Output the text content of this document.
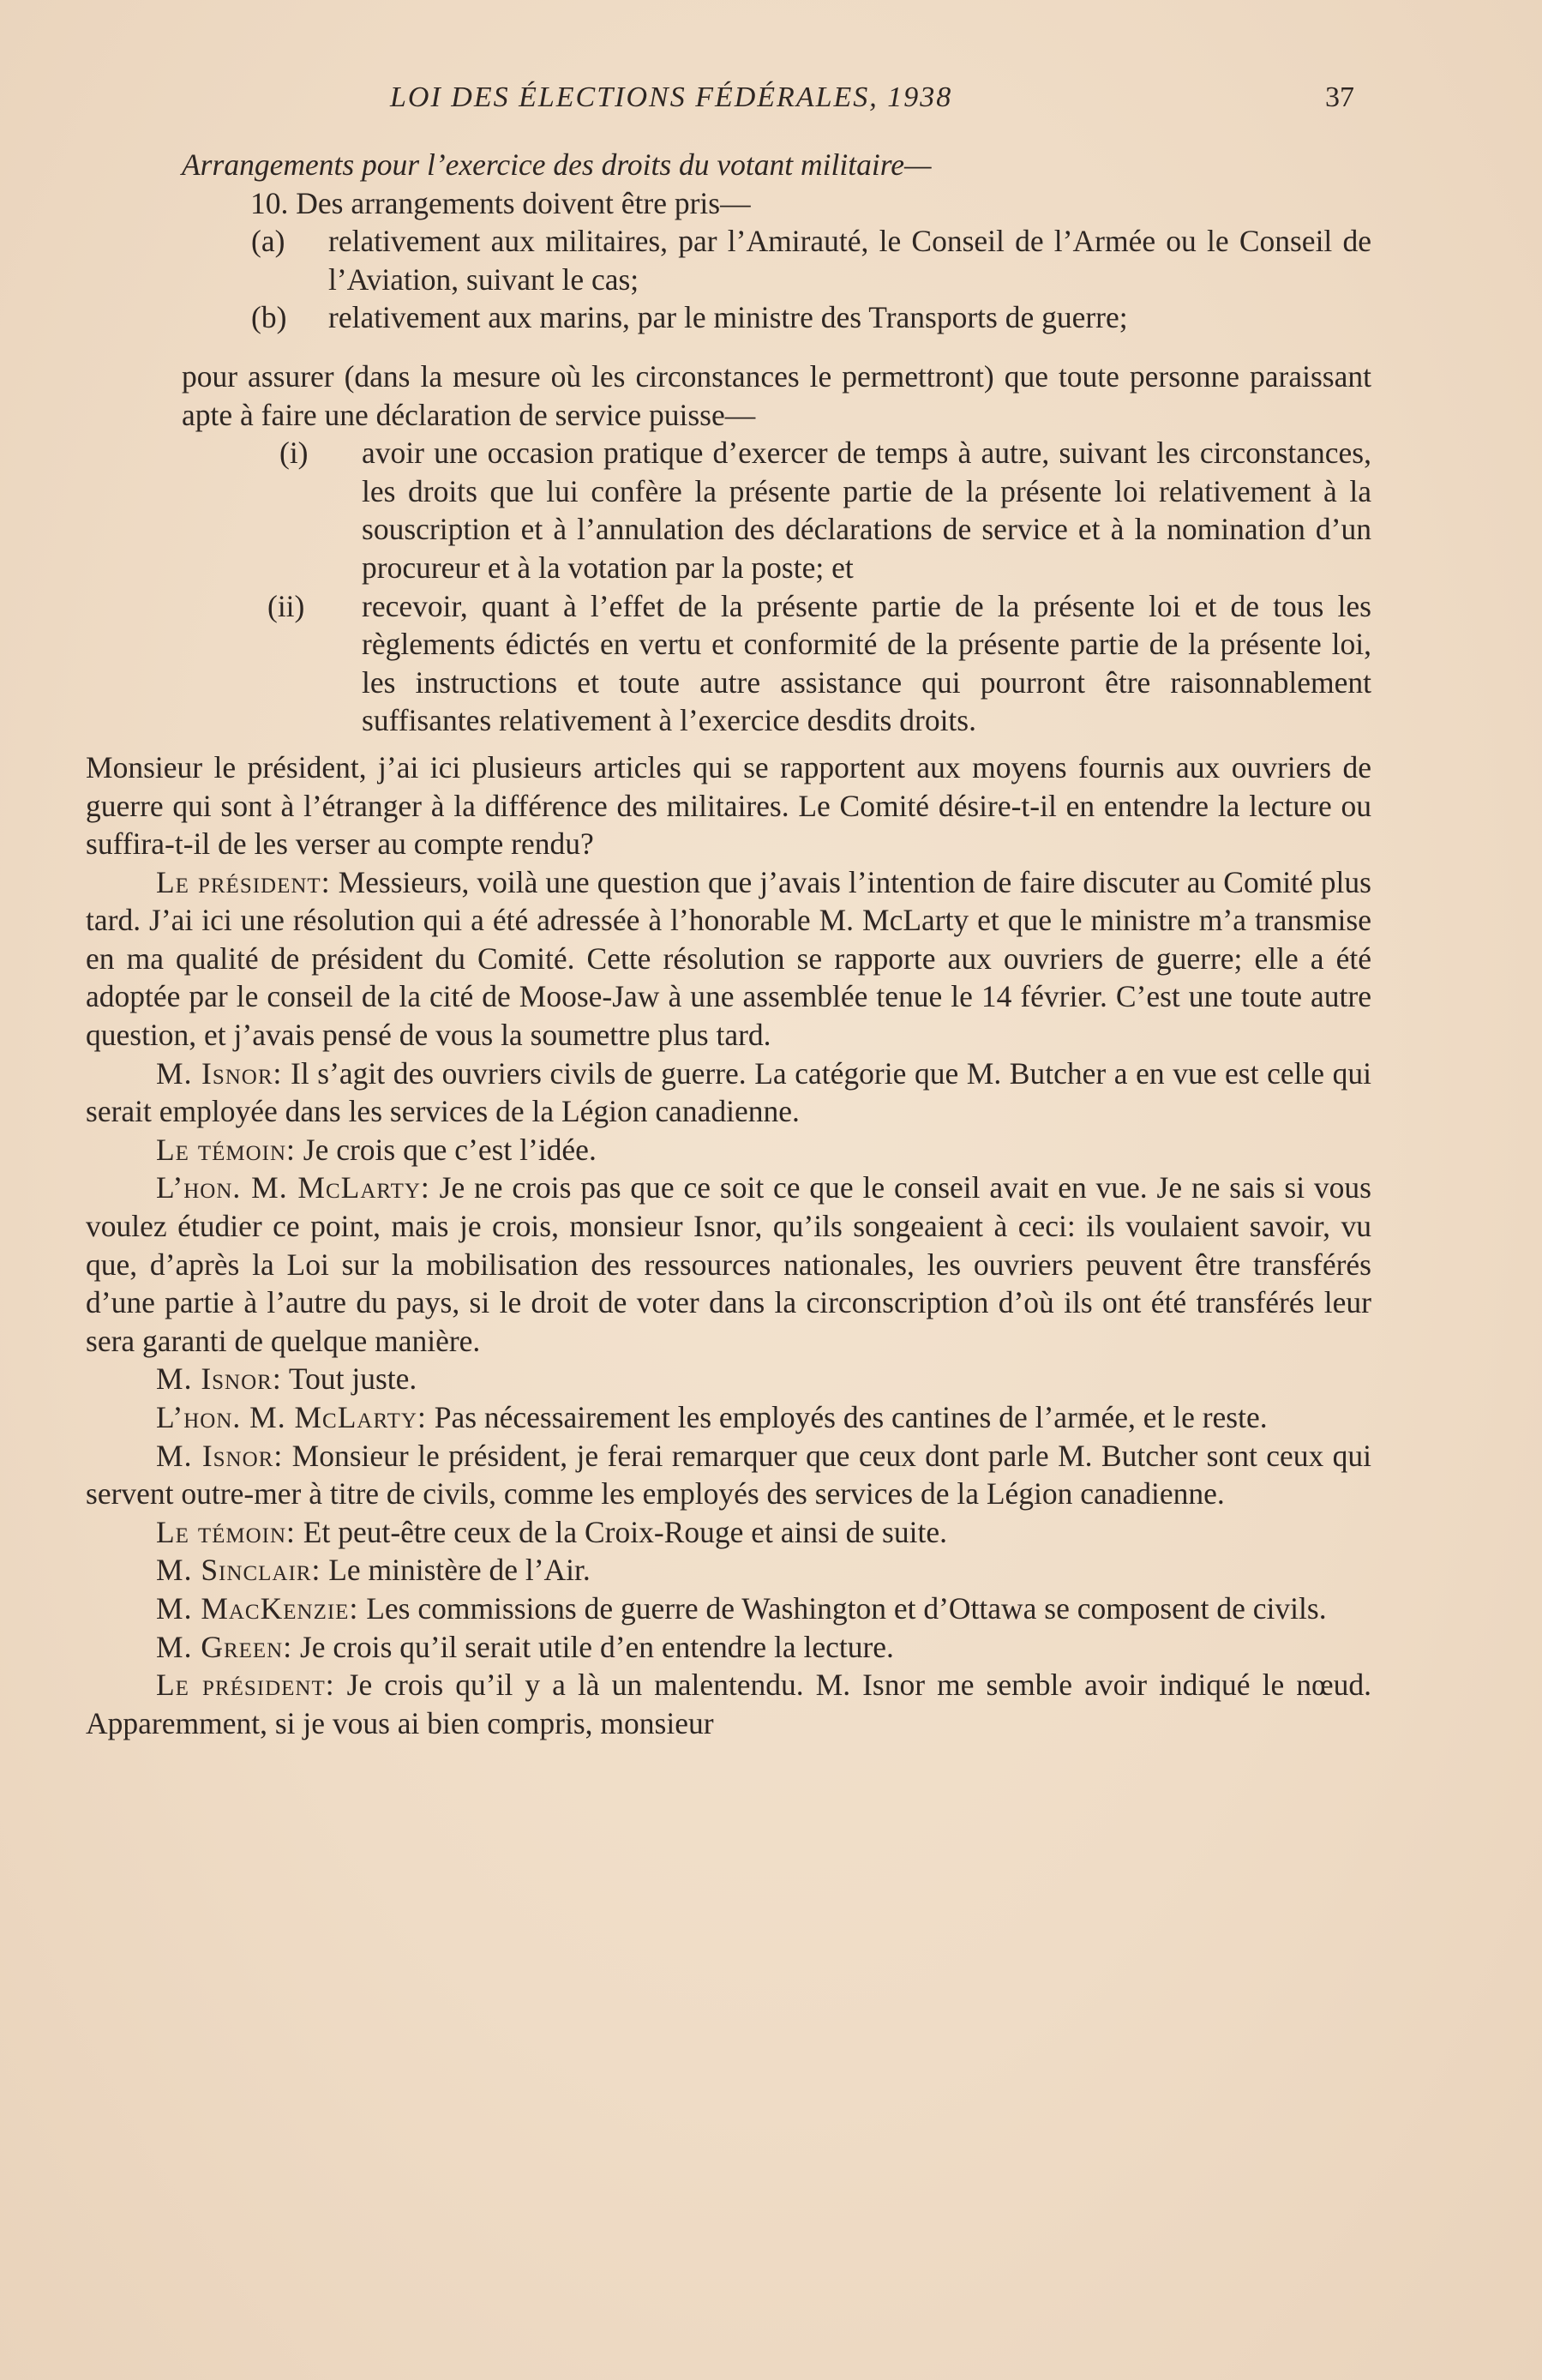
LOI DES ÉLECTIONS FÉDÉRALES, 1938	37

Arrangements pour l’exercice des droits du votant militaire—

10. Des arrangements doivent être pris—

(a) relativement aux militaires, par l’Amirauté, le Conseil de l’Armée ou le Conseil de l’Aviation, suivant le cas;

(b) relativement aux marins, par le ministre des Transports de guerre;

pour assurer (dans la mesure où les circonstances le permettront) que toute personne paraissant apte à faire une déclaration de service puisse—

(i) avoir une occasion pratique d’exercer de temps à autre, suivant les circonstances, les droits que lui confère la présente partie de la présente loi relativement à la souscription et à l’annulation des déclarations de service et à la nomination d’un procureur et à la votation par la poste; et

(ii) recevoir, quant à l’effet de la présente partie de la présente loi et de tous les règlements édictés en vertu et conformité de la présente partie de la présente loi, les instructions et toute autre assistance qui pourront être raisonnablement suffisantes relativement à l’exercice desdits droits.

Monsieur le président, j’ai ici plusieurs articles qui se rapportent aux moyens fournis aux ouvriers de guerre qui sont à l’étranger à la différence des militaires. Le Comité désire-t-il en entendre la lecture ou suffira-t-il de les verser au compte rendu?

Le président: Messieurs, voilà une question que j’avais l’intention de faire discuter au Comité plus tard. J’ai ici une résolution qui a été adressée à l’honorable M. McLarty et que le ministre m’a transmise en ma qualité de président du Comité. Cette résolution se rapporte aux ouvriers de guerre; elle a été adoptée par le conseil de la cité de Moose-Jaw à une assemblée tenue le 14 février. C’est une toute autre question, et j’avais pensé de vous la soumettre plus tard.

M. Isnor: Il s’agit des ouvriers civils de guerre. La catégorie que M. Butcher a en vue est celle qui serait employée dans les services de la Légion canadienne.

Le témoin: Je crois que c’est l’idée.

L’hon. M. McLarty: Je ne crois pas que ce soit ce que le conseil avait en vue. Je ne sais si vous voulez étudier ce point, mais je crois, monsieur Isnor, qu’ils songeaient à ceci: ils voulaient savoir, vu que, d’après la Loi sur la mobilisation des ressources nationales, les ouvriers peuvent être transférés d’une partie à l’autre du pays, si le droit de voter dans la circonscription d’où ils ont été transférés leur sera garanti de quelque manière.

M. Isnor: Tout juste.

L’hon. M. McLarty: Pas nécessairement les employés des cantines de l’armée, et le reste.

M. Isnor: Monsieur le président, je ferai remarquer que ceux dont parle M. Butcher sont ceux qui servent outre-mer à titre de civils, comme les employés des services de la Légion canadienne.

Le témoin: Et peut-être ceux de la Croix-Rouge et ainsi de suite.

M. Sinclair: Le ministère de l’Air.

M. MacKenzie: Les commissions de guerre de Washington et d’Ottawa se composent de civils.

M. Green: Je crois qu’il serait utile d’en entendre la lecture.

Le président: Je crois qu’il y a là un malentendu. M. Isnor me semble avoir indiqué le nœud. Apparemment, si je vous ai bien compris, monsieur
